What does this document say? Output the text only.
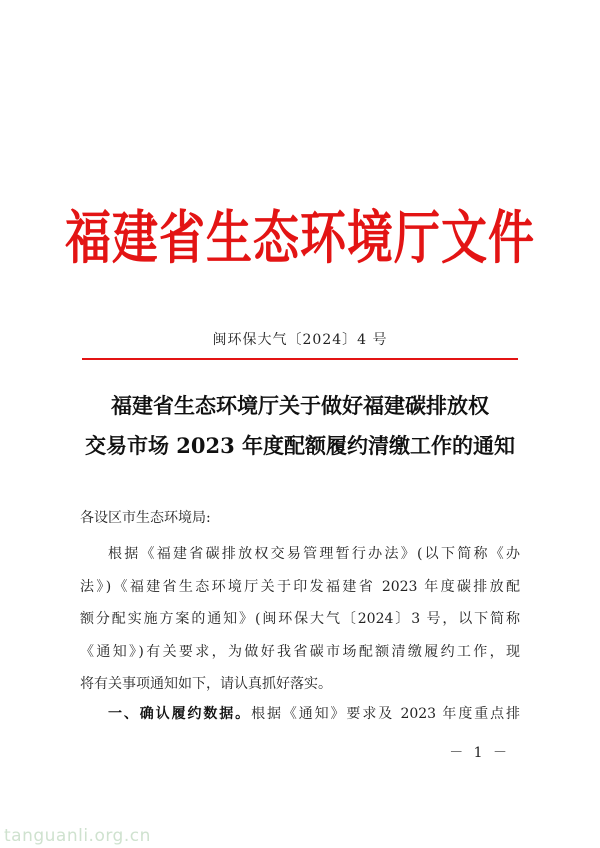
福建省生态环境厅文件
闽环保大气〔2024〕4 号
福建省生态环境厅关于做好福建碳排放权
交易市场 2023 年度配额履约清缴工作的通知
各设区市生态环境局:
根据《福建省碳排放权交易管理暂行办法》(以下简称《办
法》)《福建省生态环境厅关于印发福建省 2023 年度碳排放配
额分配实施方案的通知》(闽环保大气〔2024〕3 号，以下简称
《通知》)有关要求，为做好我省碳市场配额清缴履约工作，现
将有关事项通知如下，请认真抓好落实。
一、确认履约数据。根据《通知》要求及 2023 年度重点排
－ 1 －
tanguanli.org.cn
